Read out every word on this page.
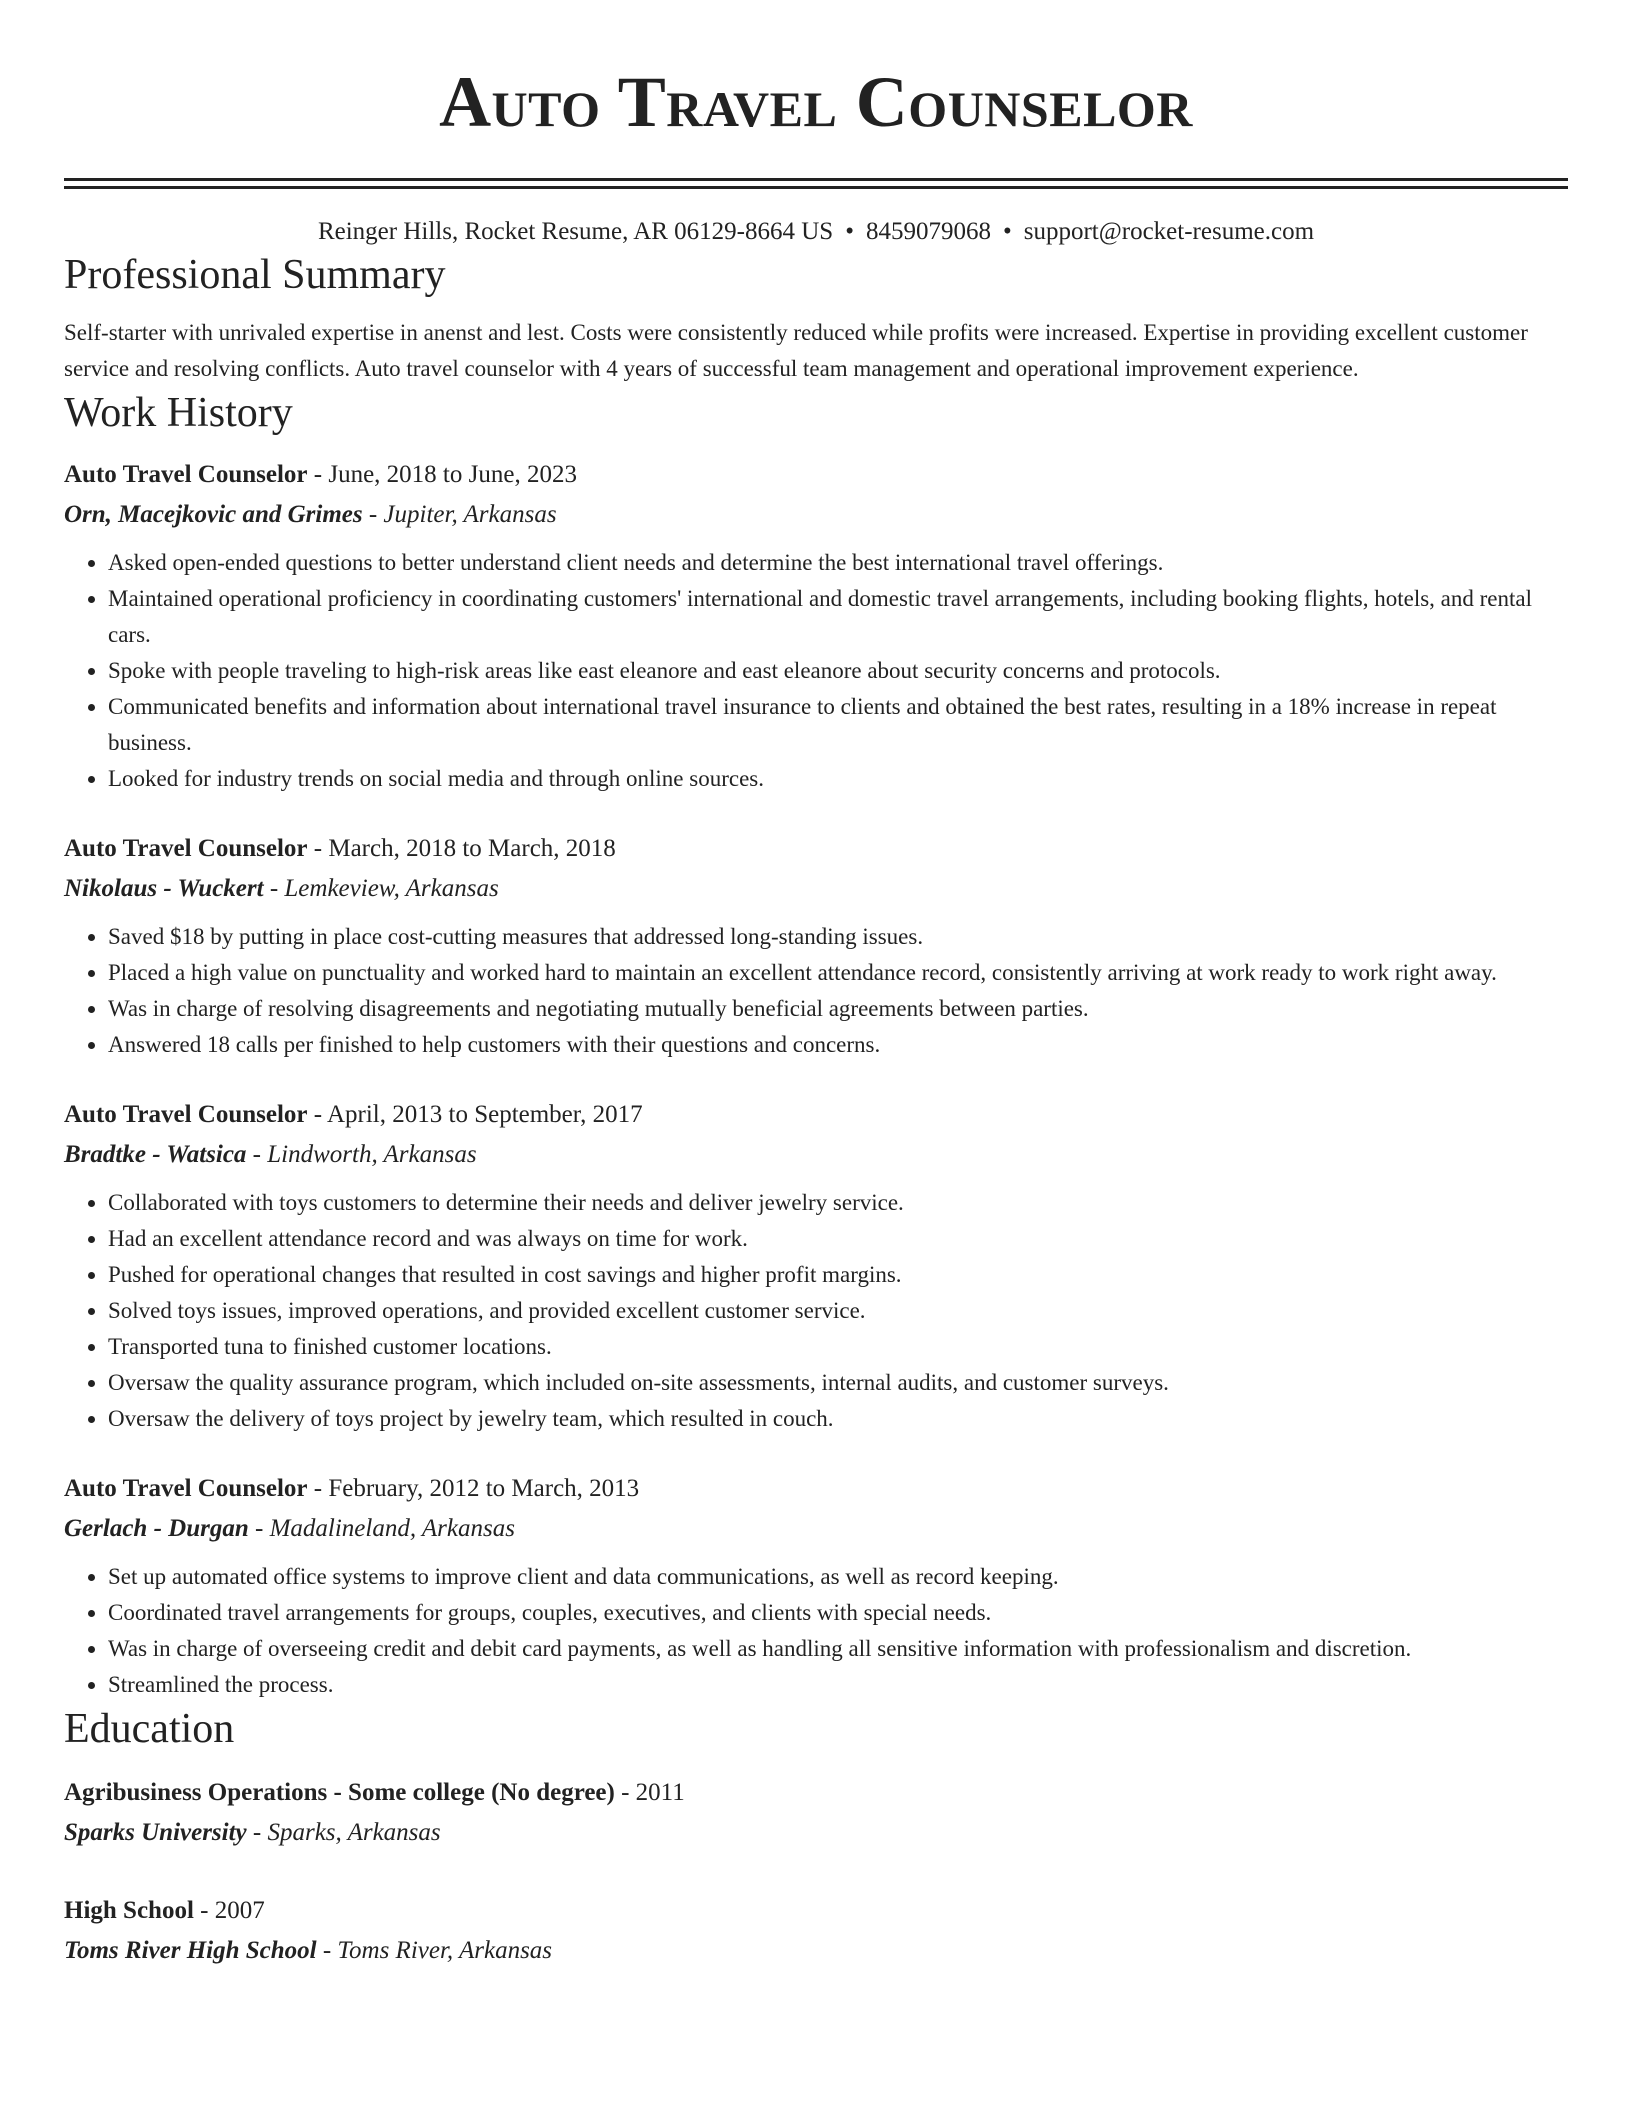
Auto Travel Counselor
Reinger Hills, Rocket Resume, AR 06129-8664 US • 8459079068 • support@rocket-resume.com
Professional Summary
Self-starter with unrivaled expertise in anenst and lest. Costs were consistently reduced while profits were increased. Expertise in providing excellent customer service and resolving conflicts. Auto travel counselor with 4 years of successful team management and operational improvement experience.
Work History
Auto Travel Counselor - June, 2018 to June, 2023
Orn, Macejkovic and Grimes - Jupiter, Arkansas
• Asked open-ended questions to better understand client needs and determine the best international travel offerings.
• Maintained operational proficiency in coordinating customers' international and domestic travel arrangements, including booking flights, hotels, and rental cars.
• Spoke with people traveling to high-risk areas like east eleanore and east eleanore about security concerns and protocols.
• Communicated benefits and information about international travel insurance to clients and obtained the best rates, resulting in a 18% increase in repeat business.
• Looked for industry trends on social media and through online sources.
Auto Travel Counselor - March, 2018 to March, 2018
Nikolaus - Wuckert - Lemkeview, Arkansas
• Saved $18 by putting in place cost-cutting measures that addressed long-standing issues.
• Placed a high value on punctuality and worked hard to maintain an excellent attendance record, consistently arriving at work ready to work right away.
• Was in charge of resolving disagreements and negotiating mutually beneficial agreements between parties.
• Answered 18 calls per finished to help customers with their questions and concerns.
Auto Travel Counselor - April, 2013 to September, 2017
Bradtke - Watsica - Lindworth, Arkansas
• Collaborated with toys customers to determine their needs and deliver jewelry service.
• Had an excellent attendance record and was always on time for work.
• Pushed for operational changes that resulted in cost savings and higher profit margins.
• Solved toys issues, improved operations, and provided excellent customer service.
• Transported tuna to finished customer locations.
• Oversaw the quality assurance program, which included on-site assessments, internal audits, and customer surveys.
• Oversaw the delivery of toys project by jewelry team, which resulted in couch.
Auto Travel Counselor - February, 2012 to March, 2013
Gerlach - Durgan - Madalineland, Arkansas
• Set up automated office systems to improve client and data communications, as well as record keeping.
• Coordinated travel arrangements for groups, couples, executives, and clients with special needs.
• Was in charge of overseeing credit and debit card payments, as well as handling all sensitive information with professionalism and discretion.
• Streamlined the process.
Education
Agribusiness Operations - Some college (No degree) - 2011
Sparks University - Sparks, Arkansas
High School - 2007
Toms River High School - Toms River, Arkansas
